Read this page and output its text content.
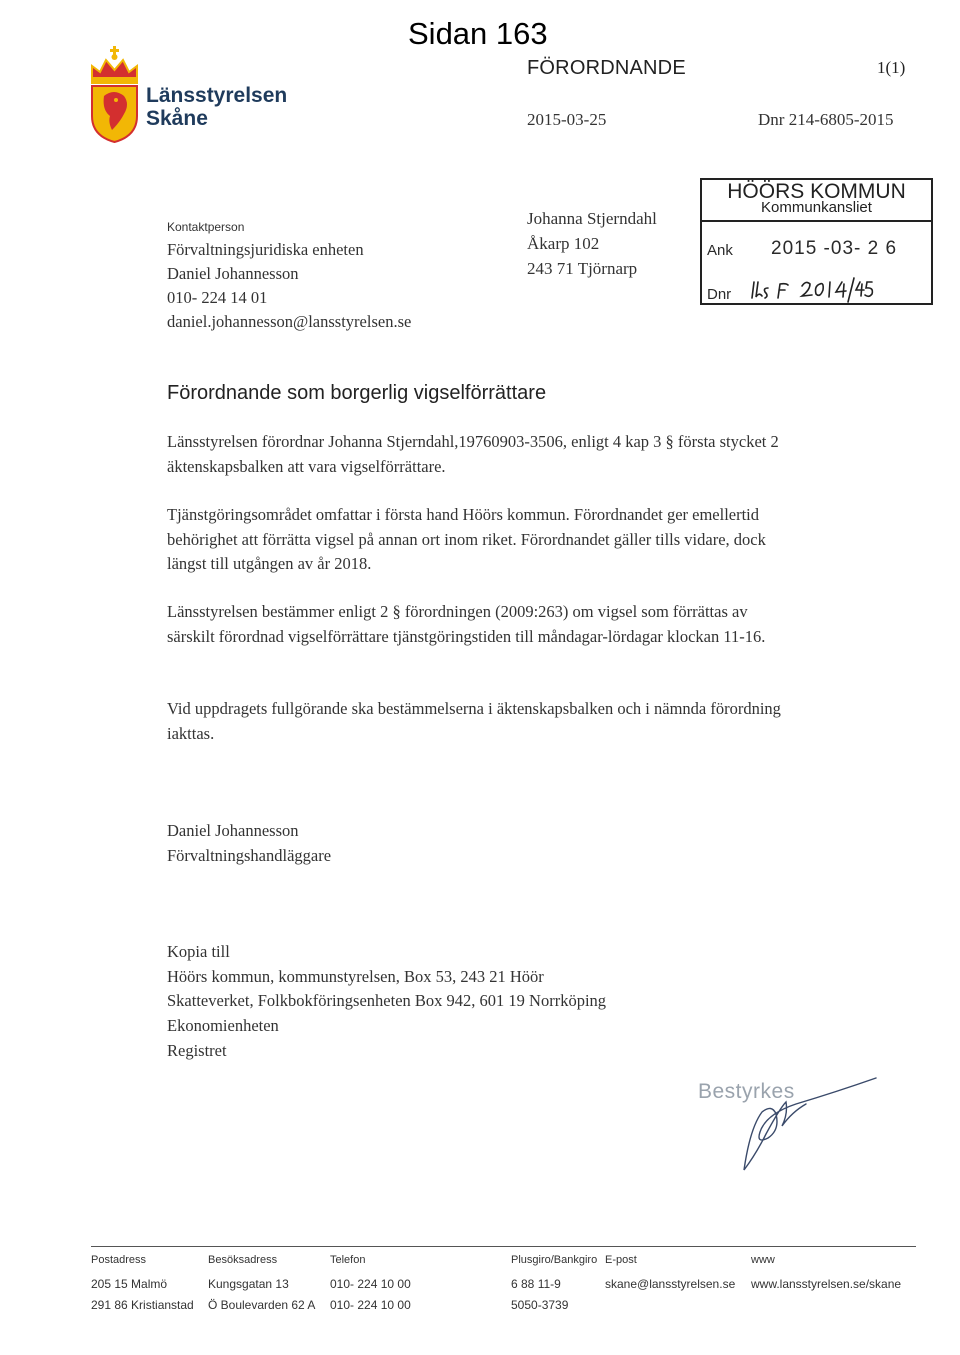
Sidan 163
FÖRORDNANDE	1(1)
2015-03-25	Dnr 214-6805-2015
Länsstyrelsen
Skåne
Kontaktperson
Förvaltningsjuridiska enheten
Daniel Johannesson
010- 224 14 01
daniel.johannesson@lansstyrelsen.se
Johanna Stjerndahl
Åkarp 102
243 71 Tjörnarp
HÖÖRS KOMMUN
Kommunkansliet
Ank 2015 -03- 2 6
Dnr
Förordnande som borgerlig vigselförrättare
Länsstyrelsen förordnar Johanna Stjerndahl,19760903-3506, enligt 4 kap 3 § första stycket 2 äktenskapsbalken att vara vigselförrättare.
Tjänstgöringsområdet omfattar i första hand Höörs kommun. Förordnandet ger emellertid behörighet att förrätta vigsel på annan ort inom riket. Förordnandet gäller tills vidare, dock längst till utgången av år 2018.
Länsstyrelsen bestämmer enligt 2 § förordningen (2009:263) om vigsel som förrättas av särskilt förordnad vigselförrättare tjänstgöringstiden till måndagar-lördagar klockan 11-16.
Vid uppdragets fullgörande ska bestämmelserna i äktenskapsbalken och i nämnda förordning iakttas.
Daniel Johannesson
Förvaltningshandläggare
Kopia till
Höörs kommun, kommunstyrelsen, Box 53, 243 21 Höör
Skatteverket, Folkbokföringsenheten Box 942, 601 19 Norrköping
Ekonomienheten
Registret
Bestyrkes
Postadress
205 15 Malmö
291 86 Kristianstad
Besöksadress
Kungsgatan 13
Ö Boulevarden 62 A
Telefon
010- 224 10 00
010- 224 10 00
Plusgiro/Bankgiro
6 88 11-9
5050-3739
E-post
skane@lansstyrelsen.se
www
www.lansstyrelsen.se/skane
